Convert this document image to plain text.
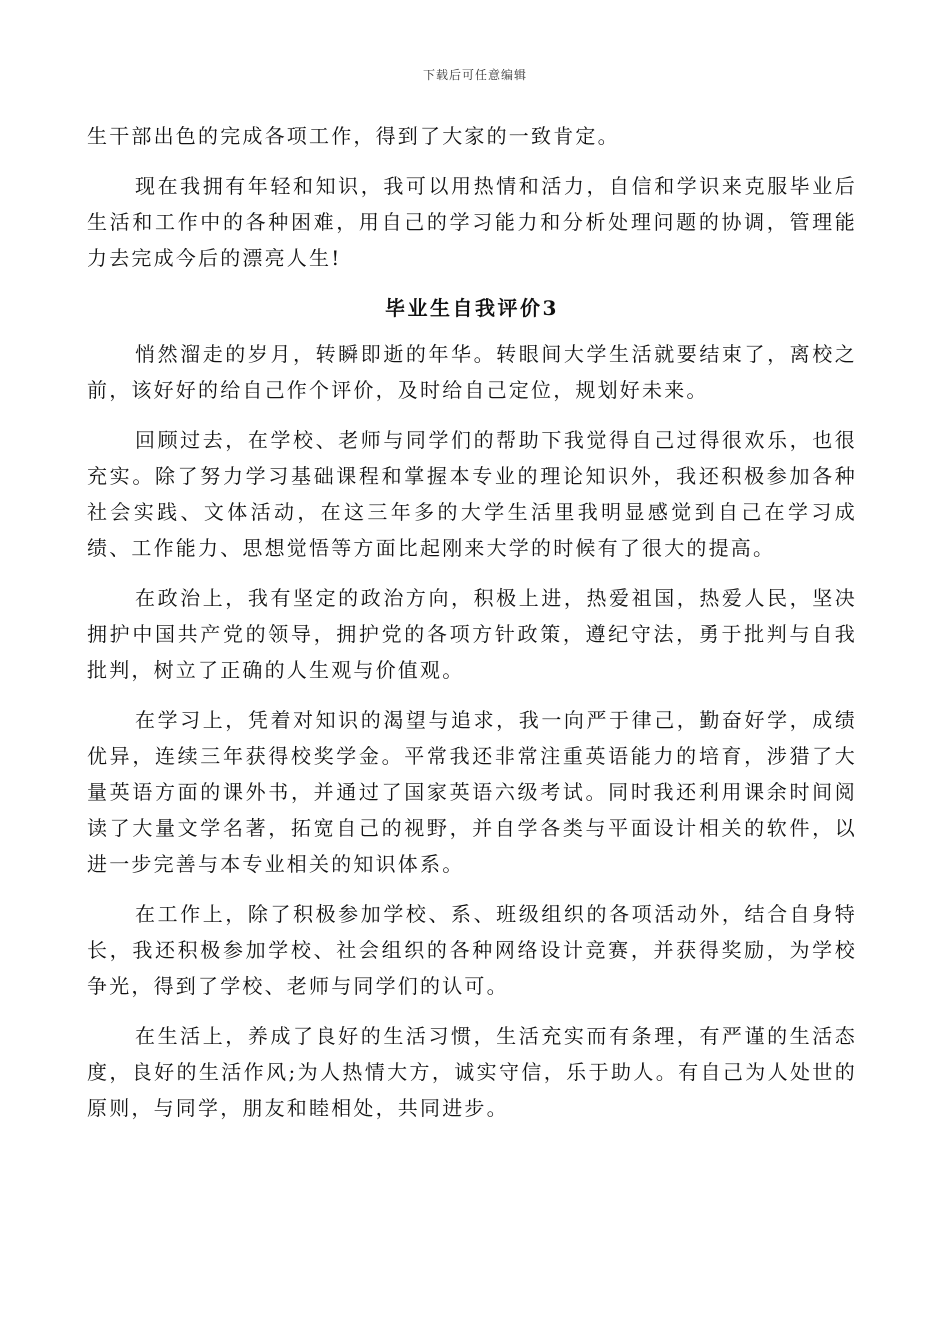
下载后可任意编辑

生干部出色的完成各项工作，得到了大家的一致肯定。

现在我拥有年轻和知识，我可以用热情和活力，自信和学识来克服毕业后生活和工作中的各种困难，用自己的学习能力和分析处理问题的协调，管理能力去完成今后的漂亮人生!

毕业生自我评价3

悄然溜走的岁月，转瞬即逝的年华。转眼间大学生活就要结束了，离校之前，该好好的给自己作个评价，及时给自己定位，规划好未来。

回顾过去，在学校、老师与同学们的帮助下我觉得自己过得很欢乐，也很充实。除了努力学习基础课程和掌握本专业的理论知识外，我还积极参加各种社会实践、文体活动，在这三年多的大学生活里我明显感觉到自己在学习成绩、工作能力、思想觉悟等方面比起刚来大学的时候有了很大的提高。

在政治上，我有坚定的政治方向，积极上进，热爱祖国，热爱人民，坚决拥护中国共产党的领导，拥护党的各项方针政策，遵纪守法，勇于批判与自我批判，树立了正确的人生观与价值观。

在学习上，凭着对知识的渴望与追求，我一向严于律己，勤奋好学，成绩优异，连续三年获得校奖学金。平常我还非常注重英语能力的培育，涉猎了大量英语方面的课外书，并通过了国家英语六级考试。同时我还利用课余时间阅读了大量文学名著，拓宽自己的视野，并自学各类与平面设计相关的软件，以进一步完善与本专业相关的知识体系。

在工作上，除了积极参加学校、系、班级组织的各项活动外，结合自身特长，我还积极参加学校、社会组织的各种网络设计竞赛，并获得奖励，为学校争光，得到了学校、老师与同学们的认可。

在生活上，养成了良好的生活习惯，生活充实而有条理，有严谨的生活态度，良好的生活作风;为人热情大方，诚实守信，乐于助人。有自己为人处世的原则，与同学，朋友和睦相处，共同进步。
